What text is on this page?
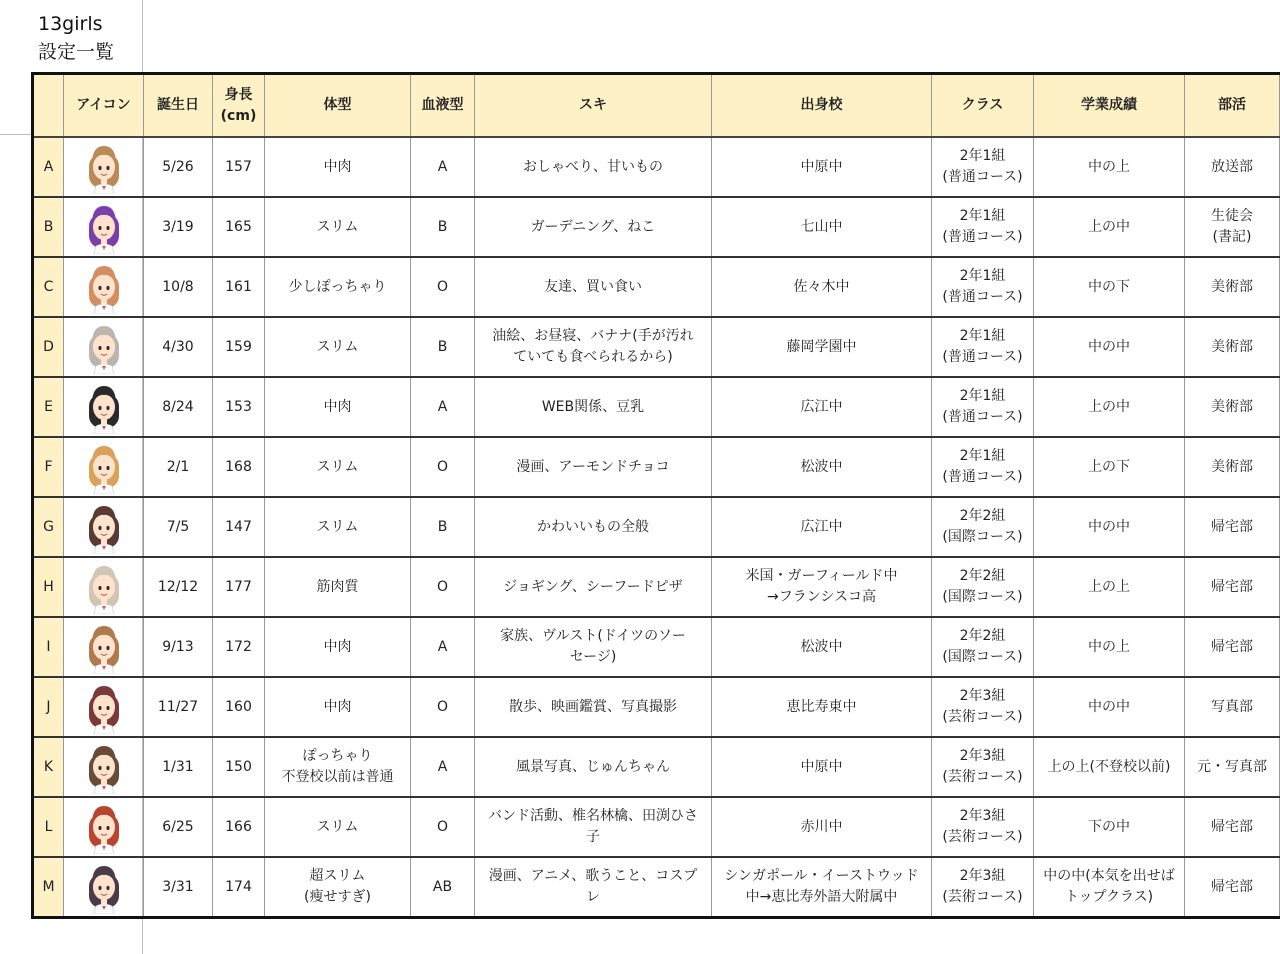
13girls
設定一覧
	アイコン	誕生日	身長
(cm)	体型	血液型	スキ	出身校	クラス	学業成績	部活
A		5/26	157	中肉	A	おしゃべり、甘いもの	中原中	2年1組
(普通コース)	中の上	放送部
B		3/19	165	スリム	B	ガーデニング、ねこ	七山中	2年1組
(普通コース)	上の中	生徒会
(書記)
C		10/8	161	少しぽっちゃり	O	友達、買い食い	佐々木中	2年1組
(普通コース)	中の下	美術部
D		4/30	159	スリム	B	油絵、お昼寝、バナナ(手が汚れ
ていても食べられるから)	藤岡学園中	2年1組
(普通コース)	中の中	美術部
E		8/24	153	中肉	A	WEB関係、豆乳	広江中	2年1組
(普通コース)	上の中	美術部
F		2/1	168	スリム	O	漫画、アーモンドチョコ	松波中	2年1組
(普通コース)	上の下	美術部
G		7/5	147	スリム	B	かわいいもの全般	広江中	2年2組
(国際コース)	中の中	帰宅部
H		12/12	177	筋肉質	O	ジョギング、シーフードピザ	米国・ガーフィールド中
→フランシスコ高	2年2組
(国際コース)	上の上	帰宅部
I		9/13	172	中肉	A	家族、ヴルスト(ドイツのソー
セージ)	松波中	2年2組
(国際コース)	中の上	帰宅部
J		11/27	160	中肉	O	散歩、映画鑑賞、写真撮影	恵比寿東中	2年3組
(芸術コース)	中の中	写真部
K		1/31	150	ぽっちゃり
不登校以前は普通	A	風景写真、じゅんちゃん	中原中	2年3組
(芸術コース)	上の上(不登校以前)	元・写真部
L		6/25	166	スリム	O	バンド活動、椎名林檎、田渕ひさ
子	赤川中	2年3組
(芸術コース)	下の中	帰宅部
M		3/31	174	超スリム
(痩せすぎ)	AB	漫画、アニメ、歌うこと、コスプ
レ	シンガポール・イーストウッド
中→恵比寿外語大附属中	2年3組
(芸術コース)	中の中(本気を出せば
トップクラス)	帰宅部
